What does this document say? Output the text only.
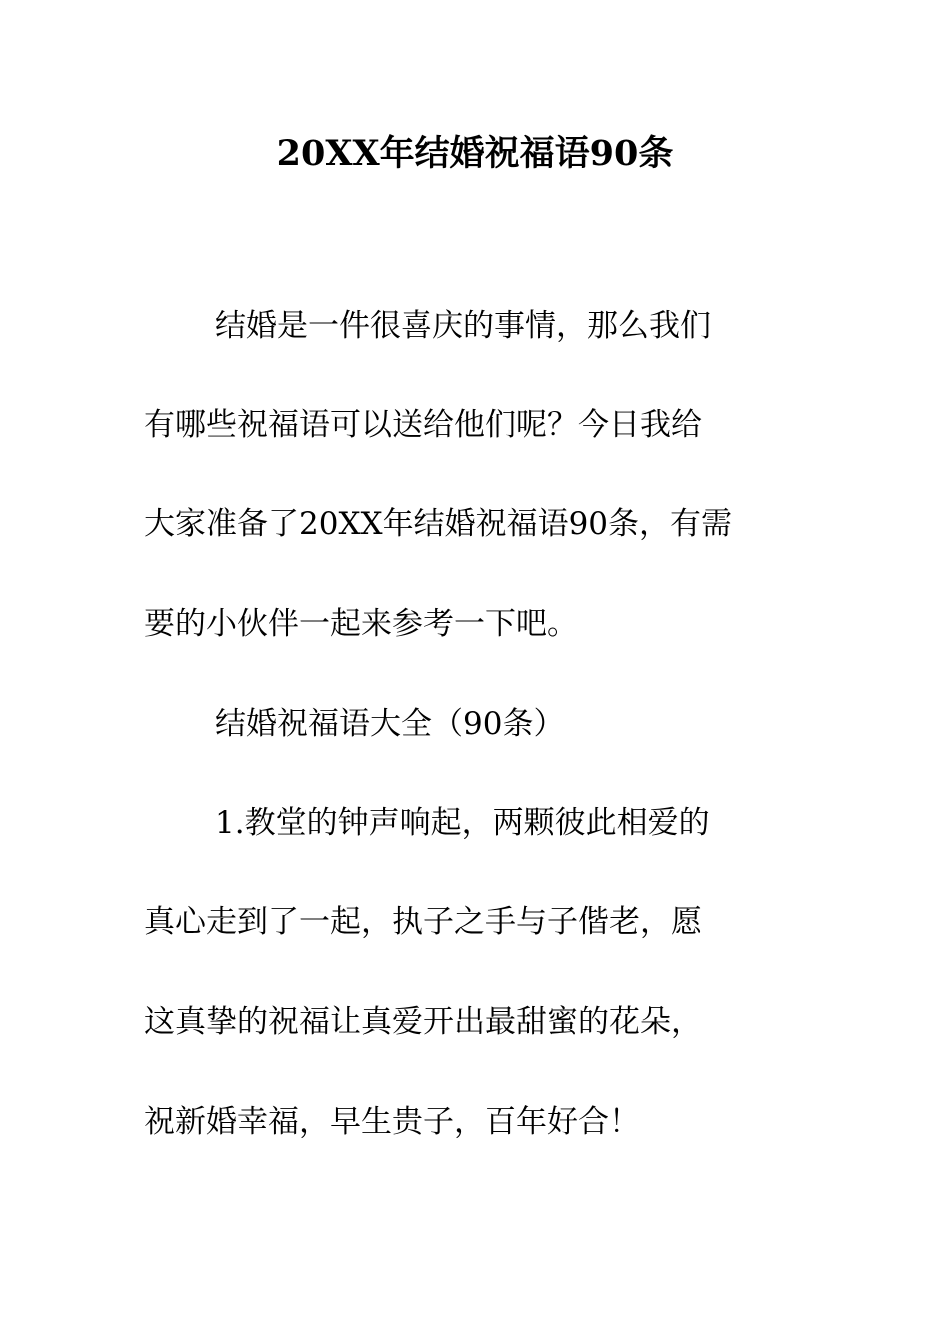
20XX年结婚祝福语90条

结婚是一件很喜庆的事情，那么我们

有哪些祝福语可以送给他们呢？今日我给

大家准备了20XX年结婚祝福语90条，有需

要的小伙伴一起来参考一下吧。

结婚祝福语大全（90条）

1.教堂的钟声响起，两颗彼此相爱的

真心走到了一起，执子之手与子偕老，愿

这真挚的祝福让真爱开出最甜蜜的花朵，

祝新婚幸福，早生贵子，百年好合！
